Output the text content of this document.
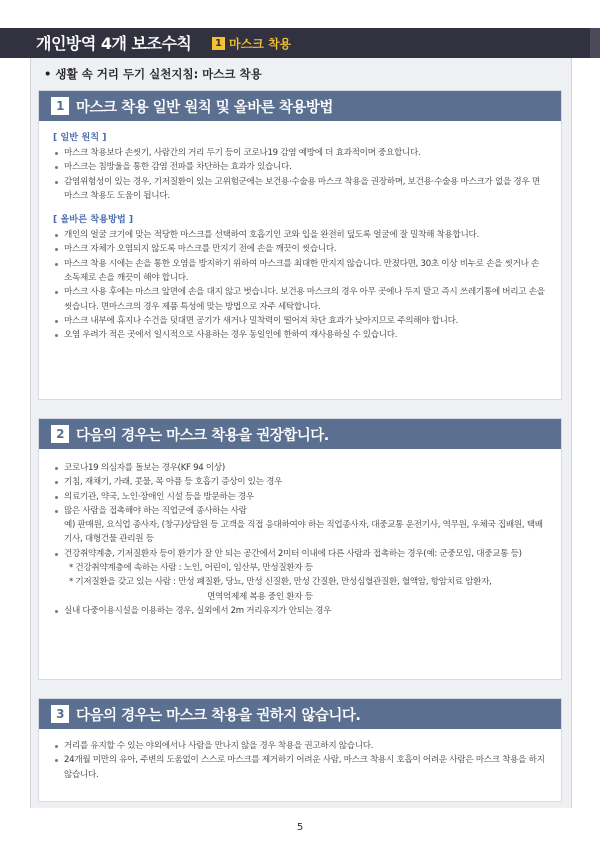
개인방역 4개 보조수칙	1 마스크 착용
• 생활 속 거리 두기 실천지침: 마스크 착용
1 마스크 착용 일반 원칙 및 올바른 착용방법
[ 일반 원칙 ]
마스크 착용보다 손씻기, 사람간의 거리 두기 등이 코로나19 감염 예방에 더 효과적이며 중요합니다.
마스크는 침방울을 통한 감염 전파를 차단하는 효과가 있습니다.
감염위험성이 있는 경우, 기저질환이 있는 고위험군에는 보건용·수술용 마스크 착용을 권장하며, 보건용·수술용 마스크가 없을 경우 면마스크 착용도 도움이 됩니다.
[ 올바른 착용방법 ]
개인의 얼굴 크기에 맞는 적당한 마스크를 선택하여 호흡기인 코와 입을 완전히 덮도록 얼굴에 잘 밀착해 착용합니다.
마스크 자체가 오염되지 않도록 마스크를 만지기 전에 손을 깨끗이 씻습니다.
마스크 착용 시에는 손을 통한 오염을 방지하기 위하여 마스크를 최대한 만지지 않습니다. 만졌다면, 30초 이상 비누로 손을 씻거나 손소독제로 손을 깨끗이 해야 합니다.
마스크 사용 후에는 마스크 앞면에 손을 대지 않고 벗습니다. 보건용 마스크의 경우 아무 곳에나 두지 말고 즉시 쓰레기통에 버리고 손을 씻습니다. 면마스크의 경우 제품 특성에 맞는 방법으로 자주 세탁합니다.
마스크 내부에 휴지나 수건을 덧대면 공기가 새거나 밀착력이 떨어져 차단 효과가 낮아지므로 주의해야 합니다.
오염 우려가 적은 곳에서 일시적으로 사용하는 경우 동일인에 한하여 재사용하실 수 있습니다.
2 다음의 경우는 마스크 착용을 권장합니다.
코로나19 의심자를 돌보는 경우(KF 94 이상)
기침, 재채기, 가래, 콧물, 목 아픔 등 호흡기 증상이 있는 경우
의료기관, 약국, 노인·장애인 시설 등을 방문하는 경우
많은 사람을 접촉해야 하는 직업군에 종사하는 사람
예) 판매원, 요식업 종사자, (창구)상담원 등 고객을 직접 응대하여야 하는 직업종사자, 대중교통 운전기사, 역무원, 우체국 집배원, 택배기사, 대형건물 관리원 등
건강취약계층, 기저질환자 등이 환기가 잘 안 되는 공간에서 2미터 이내에 다른 사람과 접촉하는 경우(예: 군중모임, 대중교통 등)
* 건강취약계층에 속하는 사람 : 노인, 어린이, 임산부, 만성질환자 등
* 기저질환을 갖고 있는 사람 : 만성 폐질환, 당뇨, 만성 신질환, 만성 간질환, 만성심혈관질환, 혈액암, 항암치료 암환자,
면역억제제 복용 중인 환자 등
실내 다중이용시설을 이용하는 경우, 실외에서 2m 거리유지가 안되는 경우
3 다음의 경우는 마스크 착용을 권하지 않습니다.
거리를 유지할 수 있는 야외에서나 사람을 만나지 않을 경우 착용을 권고하지 않습니다.
24개월 미만의 유아, 주변의 도움없이 스스로 마스크를 제거하기 어려운 사람, 마스크 착용시 호흡이 어려운 사람은 마스크 착용을 하지 않습니다.
5
